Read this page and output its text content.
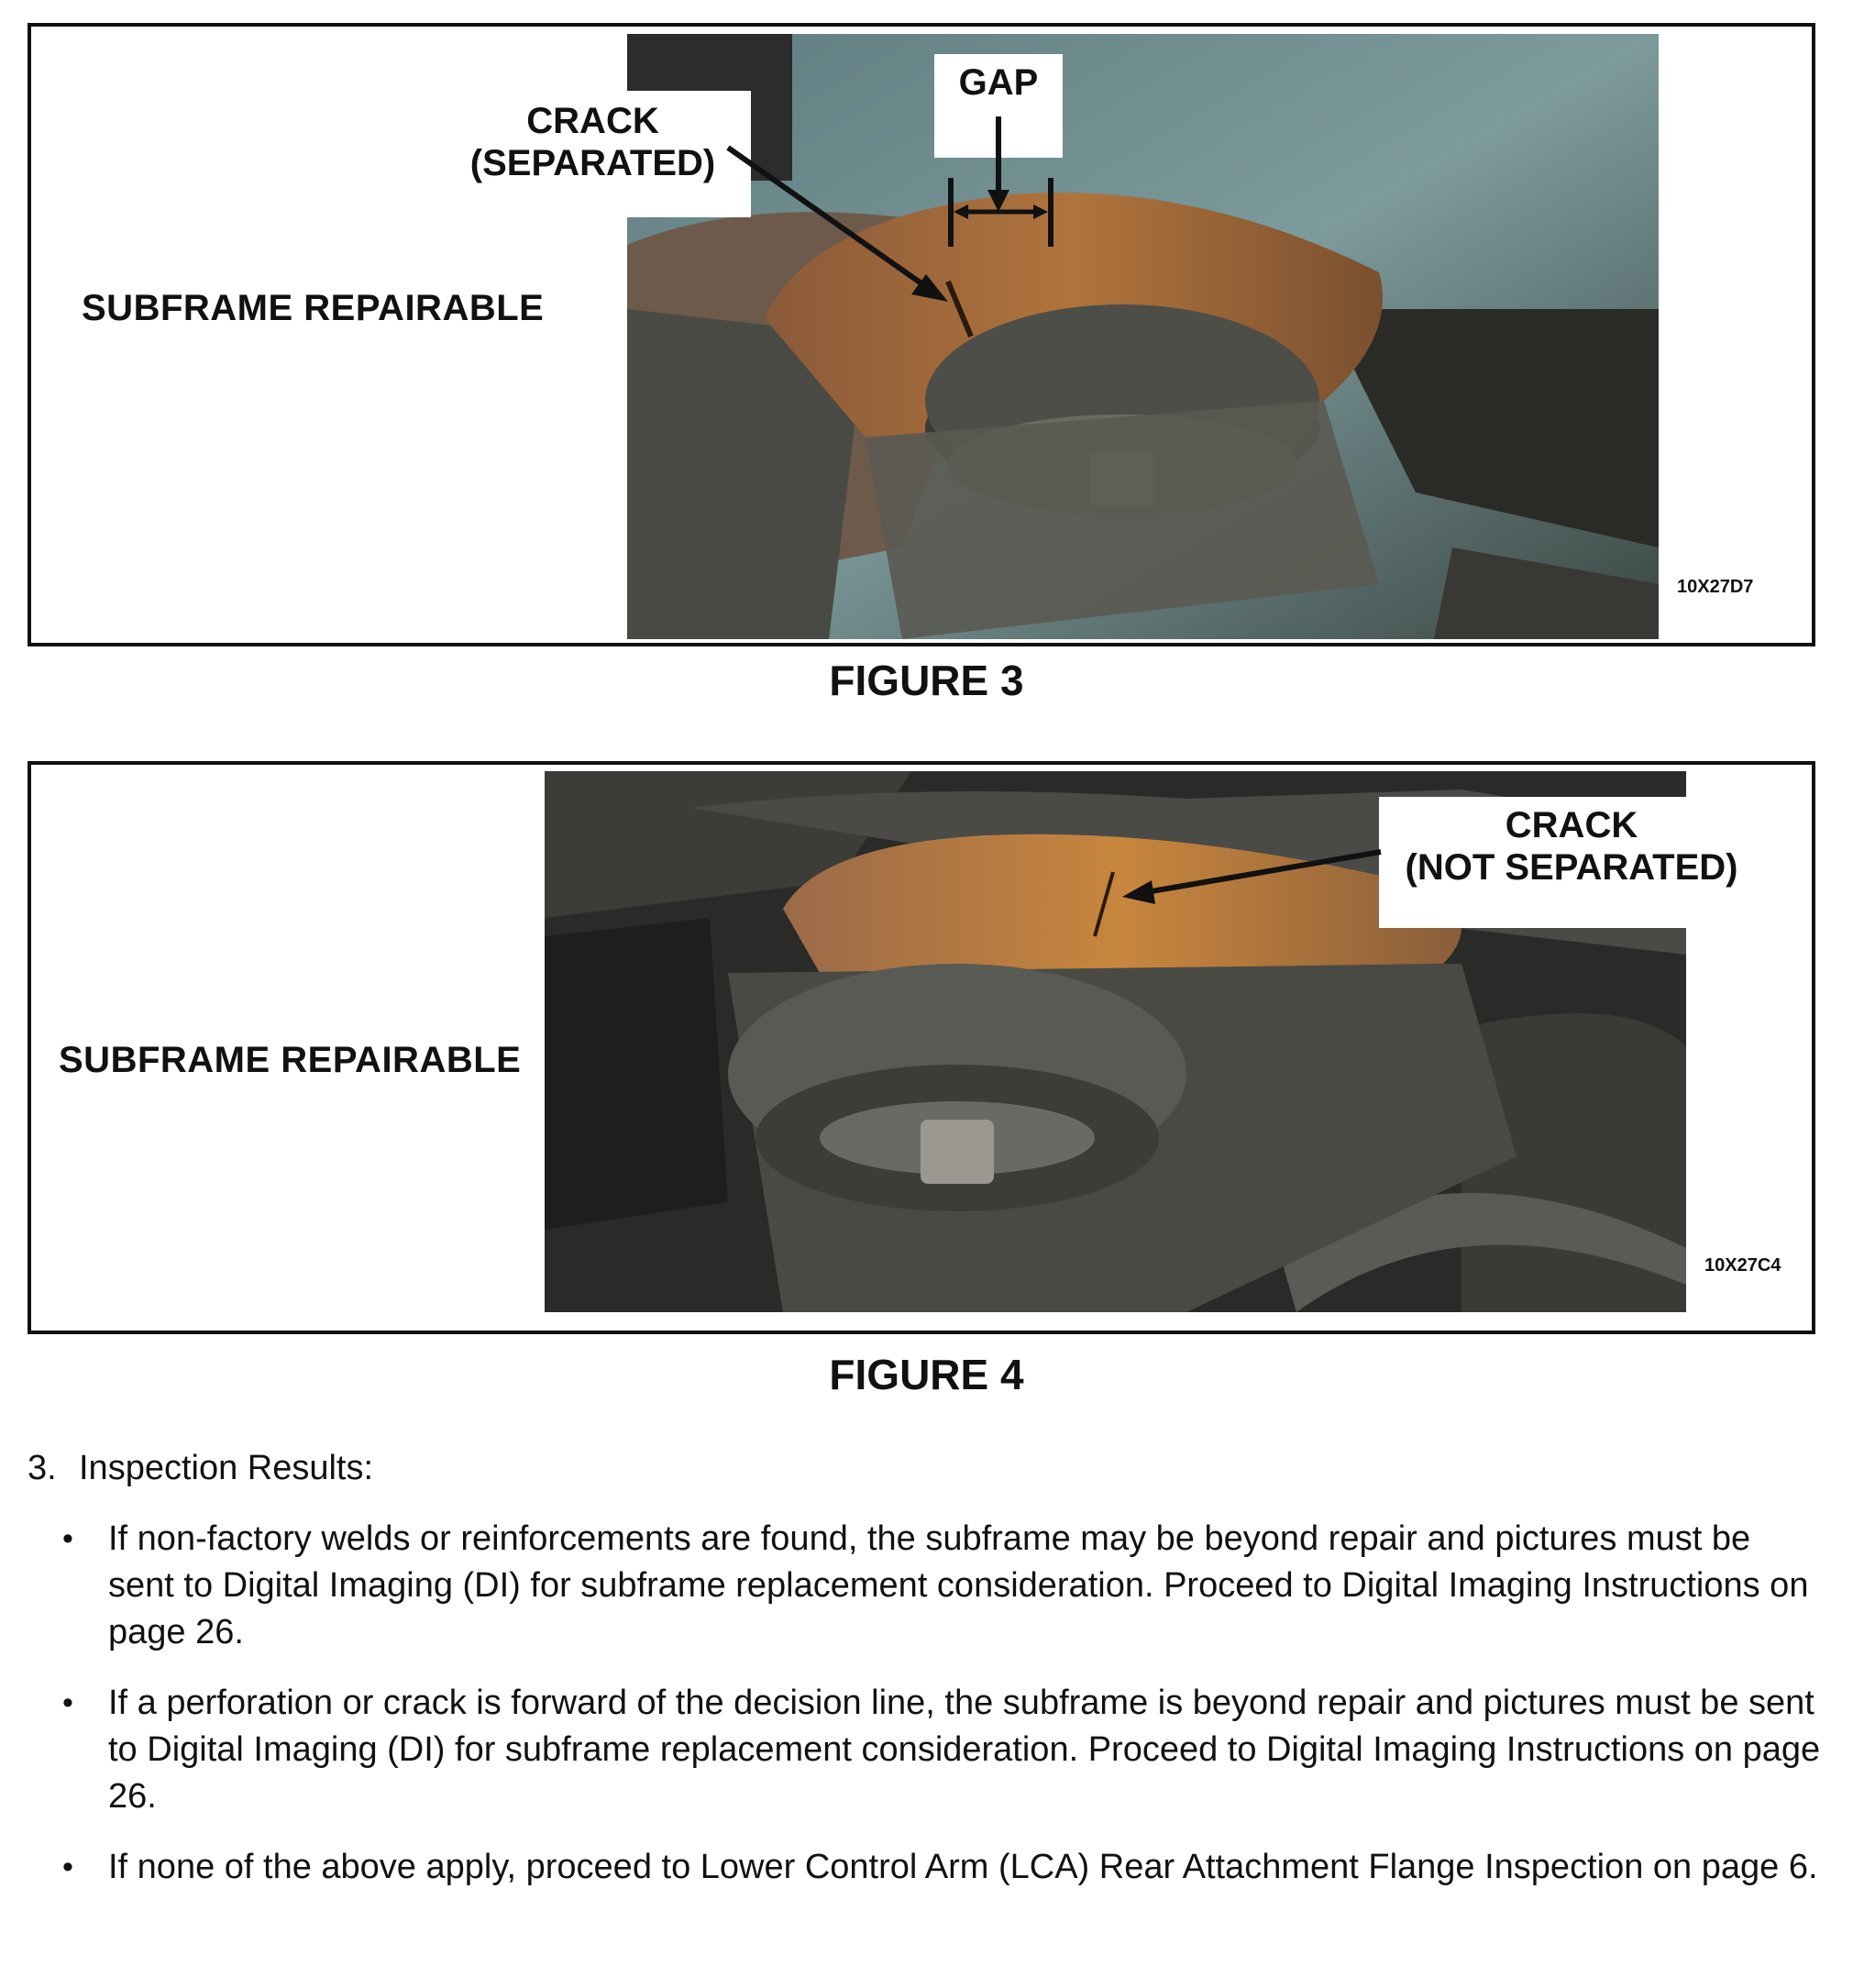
SUBFRAME REPAIRABLE
CRACK
(SEPARATED)
GAP
10X27D7
FIGURE 3
SUBFRAME REPAIRABLE
CRACK
(NOT SEPARATED)
10X27C4
FIGURE 4
3. Inspection Results:
• If non-factory welds or reinforcements are found, the subframe may be beyond repair and pictures must be sent to Digital Imaging (DI) for subframe replacement consideration. Proceed to Digital Imaging Instructions on page 26.
• If a perforation or crack is forward of the decision line, the subframe is beyond repair and pictures must be sent to Digital Imaging (DI) for subframe replacement consideration. Proceed to Digital Imaging Instructions on page 26.
• If none of the above apply, proceed to Lower Control Arm (LCA) Rear Attachment Flange Inspection on page 6.
